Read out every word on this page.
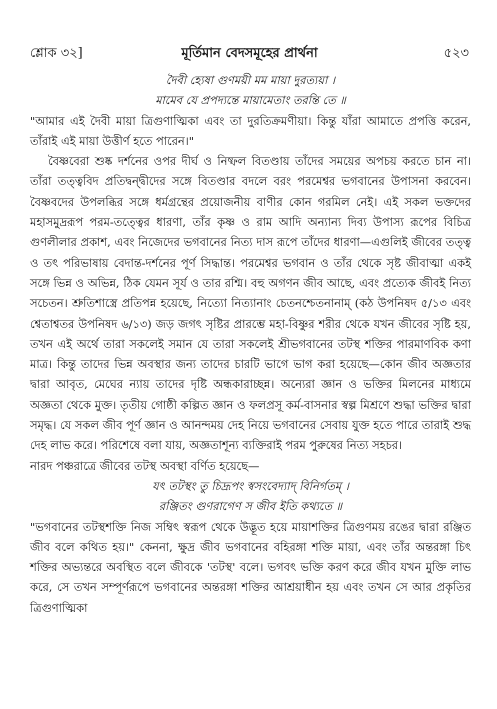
শ্লোক ৩২]	মূর্তিমান বেদসমূহের প্রার্থনা	৫২৩

দৈবী হ্যেষা গুণময়ী মম মায়া দুরত্যয়া ।

মামেব যে প্রপদ্যন্তে মায়ামেতাং তরন্তি তে ॥

"আমার এই দৈবী মায়া ত্রিগুণাত্মিকা এবং তা দুরতিক্রমণীয়া। কিন্তু যাঁরা আমাতে প্রপত্তি করেন, তাঁরাই এই মায়া উত্তীর্ণ হতে পারেন।"

বৈষ্ণবেরা শুষ্ক দর্শনের ওপর দীর্ঘ ও নিষ্ফল বিতণ্ডায় তাঁদের সময়ের অপচয় করতে চান না। তাঁরা তত্ত্ববিদ প্রতিদ্বন্দ্বীদের সঙ্গে বিতণ্ডার বদলে বরং পরমেশ্বর ভগবানের উপাসনা করবেন। বৈষ্ণবদের উপলব্ধির সঙ্গে ধর্মগ্রন্থের প্রয়োজনীয় বাণীর কোন গরমিল নেই। এই সকল ভক্তদের মহাসমুদ্ররূপ পরম-তত্ত্বের ধারণা, তাঁর কৃষ্ণ ও রাম আদি অন্যান্য দিব্য উপাস্য রূপের বিচিত্র গুণলীলার প্রকাশ, এবং নিজেদের ভগবানের নিত্য দাস রূপে তাঁদের ধারণা—এগুলিই জীবের তত্ত্ব ও তৎ পরিভাষায় বেদান্ত-দর্শনের পূর্ণ সিদ্ধান্ত। পরমেশ্বর ভগবান ও তাঁর থেকে সৃষ্ট জীবাত্মা একই সঙ্গে ভিন্ন ও অভিন্ন, ঠিক যেমন সূর্য ও তার রশ্মি। বহু অগণন জীব আছে, এবং প্রত্যেক জীবই নিত্য সচেতন। শ্রুতিশাস্ত্রে প্রতিপন্ন হয়েছে, নিত্যো নিত্যানাং চেতনশ্চেতনানাম্ (কঠ উপনিষদ ৫/১৩ এবং শ্বেতাশ্বতর উপনিষদ ৬/১৩) জড় জগৎ সৃষ্টির প্রারম্ভে মহা-বিষ্ণুর শরীর থেকে যখন জীবের সৃষ্টি হয়, তখন এই অর্থে তারা সকলেই সমান যে তারা সকলেই শ্রীভগবানের তটস্থ শক্তির পারমাণবিক কণা মাত্র। কিন্তু তাদের ভিন্ন অবস্থার জন্য তাদের চারটি ভাগে ভাগ করা হয়েছে—কোন জীব অজ্ঞতার দ্বারা আবৃত, মেঘের ন্যায় তাদের দৃষ্টি অন্ধকারাচ্ছন্ন। অন্যেরা জ্ঞান ও ভক্তির মিলনের মাধ্যমে অজ্ঞতা থেকে মুক্ত। তৃতীয় গোষ্ঠী কল্পিত জ্ঞান ও ফলপ্রসূ কর্ম-বাসনার স্বল্প মিশ্রণে শুদ্ধা ভক্তির দ্বারা সমৃদ্ধ। যে সকল জীব পূর্ণ জ্ঞান ও আনন্দময় দেহ নিয়ে ভগবানের সেবায় যুক্ত হতে পারে তারাই শুদ্ধ দেহ লাভ করে। পরিশেষে বলা যায়, অজ্ঞতাশূন্য ব্যক্তিরাই পরম পুরুষের নিত্য সহচর।

নারদ পঞ্চরাত্রে জীবের তটস্থ অবস্থা বর্ণিত হয়েছে—

যৎ তটস্থং তু চিদ্রূপং স্বসংবেদ্যাদ্ বিনির্গতম্ ।

রঞ্জিতং গুণরাগেণ স জীব ইতি কথ্যতে ॥

"ভগবানের তটস্থশক্তি নিজ সম্বিৎ স্বরূপ থেকে উদ্ভূত হয়ে মায়াশক্তির ত্রিগুণময় রঙের দ্বারা রঞ্জিত জীব বলে কথিত হয়।" কেননা, ক্ষুদ্র জীব ভগবানের বহিরঙ্গা শক্তি মায়া, এবং তাঁর অন্তরঙ্গা চিৎ শক্তির অভ্যন্তরে অবস্থিত বলে জীবকে 'তটস্থ' বলে। ভগবৎ ভক্তি করণ করে জীব যখন মুক্তি লাভ করে, সে তখন সম্পূর্ণরূপে ভগবানের অন্তরঙ্গা শক্তির আশ্রয়াধীন হয় এবং তখন সে আর প্রকৃতির ত্রিগুণাত্মিকা
